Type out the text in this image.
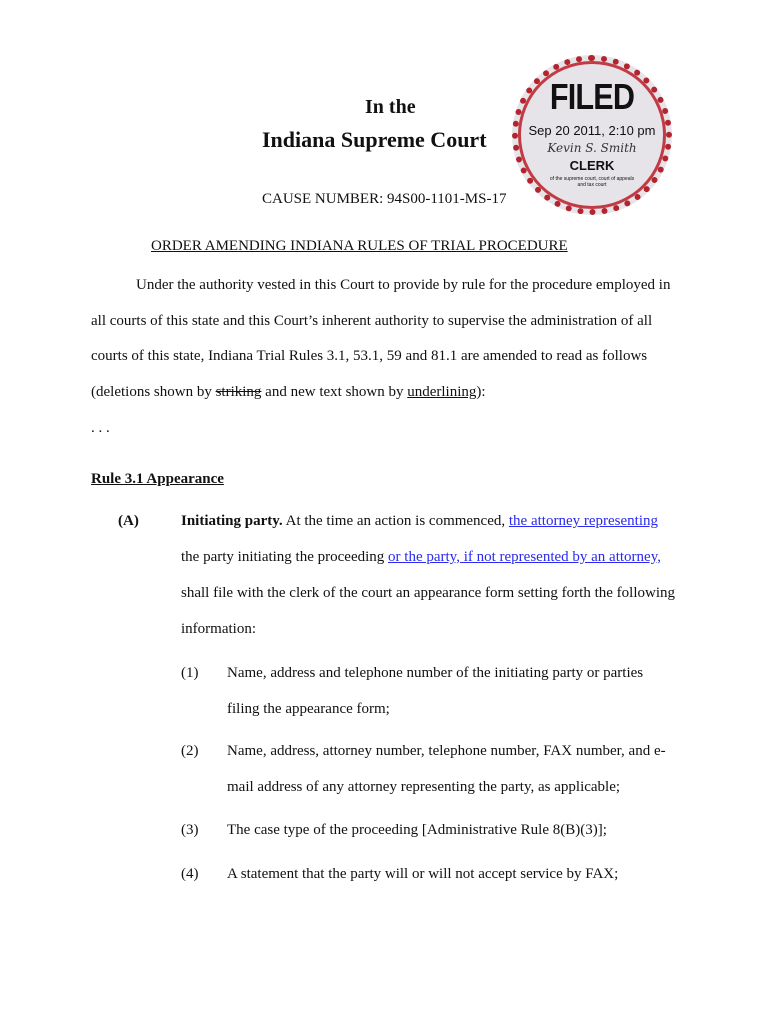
In the
Indiana Supreme Court
CAUSE NUMBER: 94S00-1101-MS-17
FILED
Sep 20 2011, 2:10 pm
Kevin S. Smith
CLERK
of the supreme court, court of appeals and tax court
ORDER AMENDING INDIANA RULES OF TRIAL PROCEDURE
Under the authority vested in this Court to provide by rule for the procedure employed in
all courts of this state and this Court’s inherent authority to supervise the administration of all
courts of this state, Indiana Trial Rules 3.1, 53.1, 59 and 81.1 are amended to read as follows
(deletions shown by striking and new text shown by underlining):
. . .
Rule 3.1 Appearance
(A)	Initiating party. At the time an action is commenced, the attorney representing
the party initiating the proceeding or the party, if not represented by an attorney,
shall file with the clerk of the court an appearance form setting forth the following
information:
(1) Name, address and telephone number of the initiating party or parties
filing the appearance form;
(2) Name, address, attorney number, telephone number, FAX number, and e-
mail address of any attorney representing the party, as applicable;
(3) The case type of the proceeding [Administrative Rule 8(B)(3)];
(4) A statement that the party will or will not accept service by FAX;
